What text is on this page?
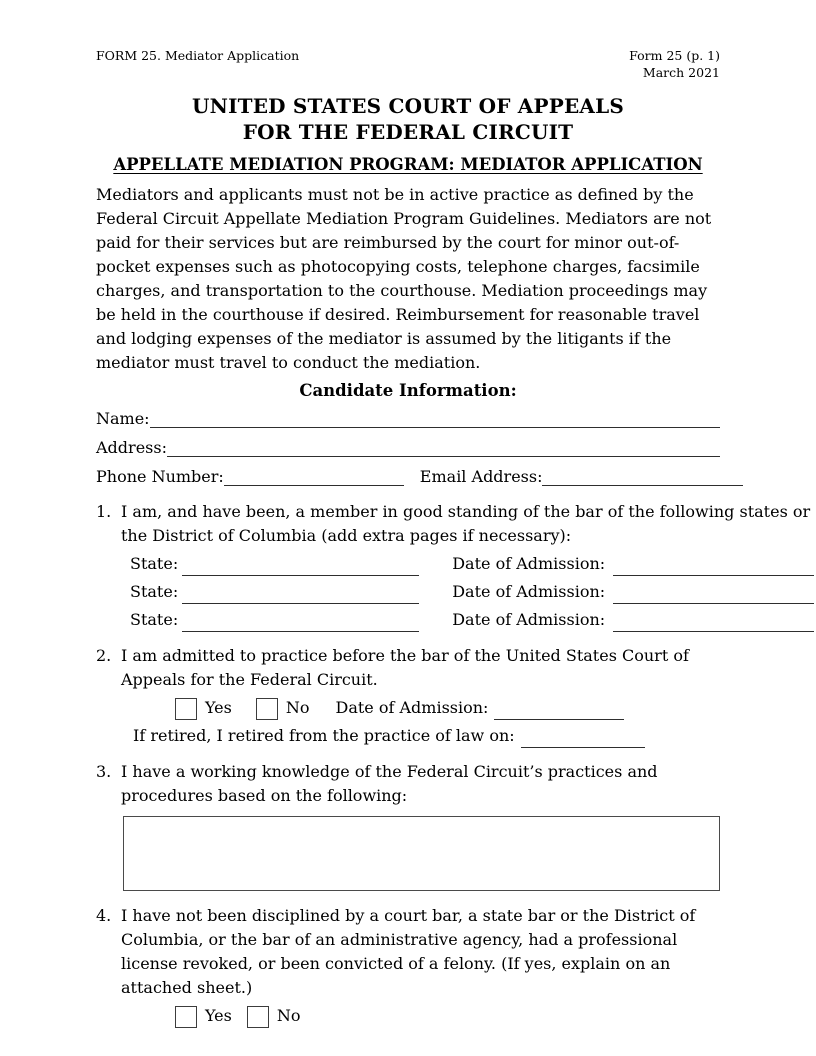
FORM 25. Mediator Application	Form 25 (p. 1)
March 2021
UNITED STATES COURT OF APPEALS
FOR THE FEDERAL CIRCUIT
APPELLATE MEDIATION PROGRAM: MEDIATOR APPLICATION
Mediators and applicants must not be in active practice as defined by the Federal Circuit Appellate Mediation Program Guidelines. Mediators are not paid for their services but are reimbursed by the court for minor out-of-pocket expenses such as photocopying costs, telephone charges, facsimile charges, and transportation to the courthouse. Mediation proceedings may be held in the courthouse if desired. Reimbursement for reasonable travel and lodging expenses of the mediator is assumed by the litigants if the mediator must travel to conduct the mediation.
Candidate Information:
Name:
Address:
Phone Number:	Email Address:
1. I am, and have been, a member in good standing of the bar of the following states or the District of Columbia (add extra pages if necessary):
State:	Date of Admission:
State:	Date of Admission:
State:	Date of Admission:
2. I am admitted to practice before the bar of the United States Court of Appeals for the Federal Circuit.
Yes	No Date of Admission:
If retired, I retired from the practice of law on:
3. I have a working knowledge of the Federal Circuit’s practices and procedures based on the following:
4. I have not been disciplined by a court bar, a state bar or the District of Columbia, or the bar of an administrative agency, had a professional license revoked, or been convicted of a felony. (If yes, explain on an attached sheet.)
Yes	No
